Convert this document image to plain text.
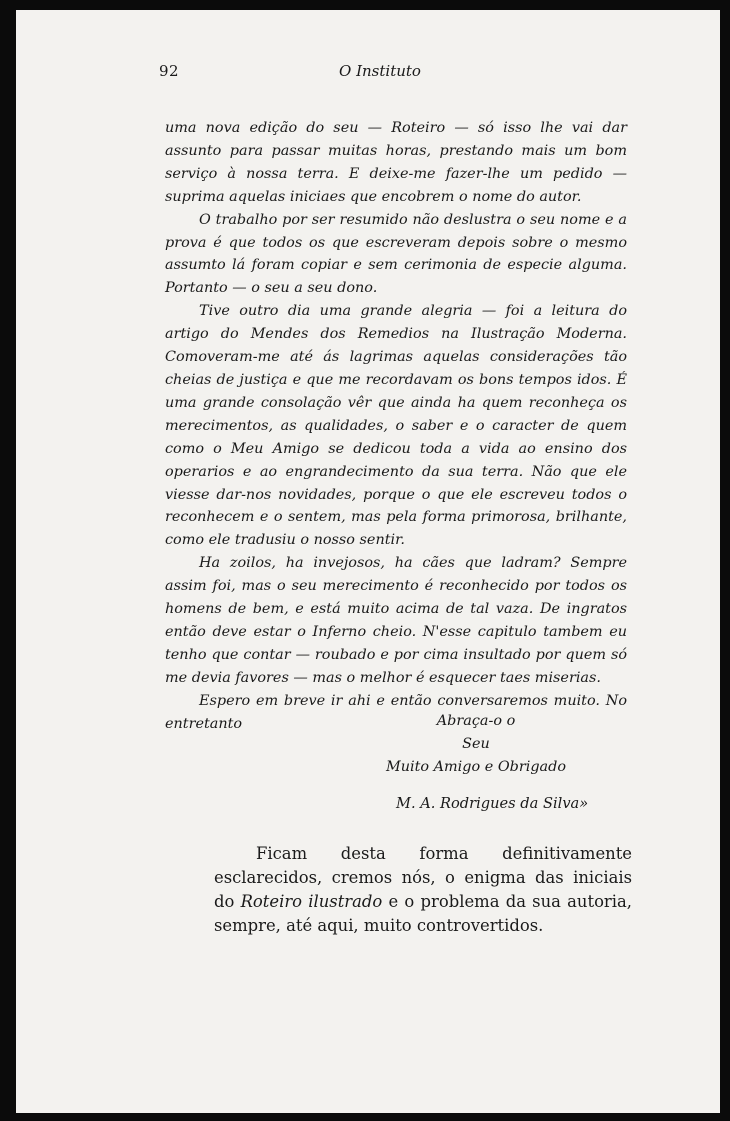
92	O Instituto

uma nova edição do seu — Roteiro — só isso lhe vai dar assunto para passar muitas horas, prestando mais um bom serviço à nossa terra. E deixe-me fazer-lhe um pedido — suprima aquelas iniciaes que encobrem o nome do autor.

O trabalho por ser resumido não deslustra o seu nome e a prova é que todos os que escreveram depois sobre o mesmo assumto lá foram copiar e sem cerimonia de especie alguma. Portanto — o seu a seu dono.

Tive outro dia uma grande alegria — foi a leitura do artigo do Mendes dos Remedios na Ilustração Moderna. Comoveram-me até ás lagrimas aquelas considerações tão cheias de justiça e que me recordavam os bons tempos idos. É uma grande consolação vêr que ainda ha quem reconheça os merecimentos, as qualidades, o saber e o caracter de quem como o Meu Amigo se dedicou toda a vida ao ensino dos operarios e ao engrandecimento da sua terra. Não que ele viesse dar-nos novidades, porque o que ele escreveu todos o reconhecem e o sentem, mas pela forma primorosa, brilhante, como ele tradusiu o nosso sentir.

Ha zoilos, ha invejosos, ha cães que ladram? Sempre assim foi, mas o seu merecimento é reconhecido por todos os homens de bem, e está muito acima de tal vaza. De ingratos então deve estar o Inferno cheio. N'esse capitulo tambem eu tenho que contar — roubado e por cima insultado por quem só me devia favores — mas o melhor é esquecer taes miserias.

Espero em breve ir ahi e então conversaremos muito. No entretanto	Abraça-o o
Seu
Muito Amigo e Obrigado
M. A. Rodrigues da Silva»

Ficam desta forma definitivamente esclarecidos, cremos nós, o enigma das iniciais do Roteiro ilustrado e o problema da sua autoria, sempre, até aqui, muito controvertidos.
